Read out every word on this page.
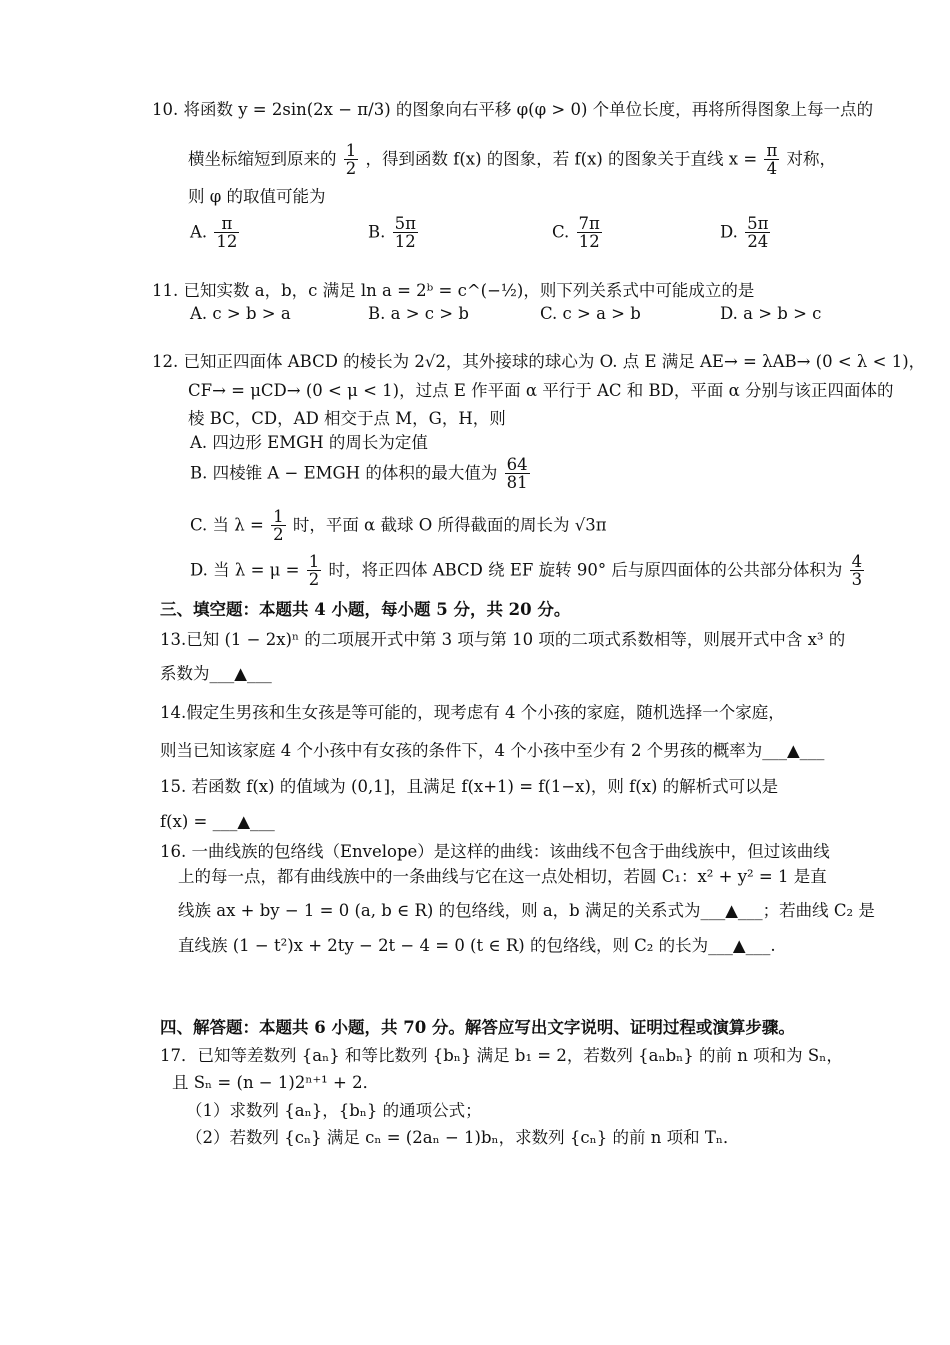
10. 将函数 y = 2sin(2x − π/3) 的图象向右平移 φ(φ > 0) 个单位长度，再将所得图象上每一点的
横坐标缩短到原来的 $\frac{1}{2}$ ，得到函数 f(x) 的图象，若 f(x) 的图象关于直线 $x = \frac{\pi}{4}$ 对称，
则 φ 的取值可能为
A. $\frac{\pi}{12}$	B. $\frac{5\pi}{12}$	C. $\frac{7\pi}{12}$	D. $\frac{5\pi}{24}$
11. 已知实数 a，b，c 满足 ln a = 2ᵇ = c^(−½)，则下列关系式中可能成立的是
A. c > b > a	B. a > c > b	C. c > a > b	D. a > b > c
12. 已知正四面体 ABCD 的棱长为 2√2，其外接球的球心为 O. 点 E 满足 AE→ = λAB→ (0 < λ < 1)，
CF→ = μCD→ (0 < μ < 1)，过点 E 作平面 α 平行于 AC 和 BD，平面 α 分别与该正四面体的
棱 BC，CD，AD 相交于点 M，G，H，则
A. 四边形 EMGH 的周长为定值
B. 四棱锥 A − EMGH 的体积的最大值为 $\frac{64}{81}$
C. 当 $\lambda = \frac{1}{2}$ 时，平面 α 截球 O 所得截面的周长为 √3π
D. 当 $\lambda = \mu = \frac{1}{2}$ 时，将正四体 ABCD 绕 EF 旋转 90° 后与原四面体的公共部分体积为 $\frac{4}{3}$
三、填空题：本题共 4 小题，每小题 5 分，共 20 分。
13.已知 (1 − 2x)ⁿ 的二项展开式中第 3 项与第 10 项的二项式系数相等，则展开式中含 x³ 的
系数为___▲___
14.假定生男孩和生女孩是等可能的，现考虑有 4 个小孩的家庭，随机选择一个家庭，
则当已知该家庭 4 个小孩中有女孩的条件下，4 个小孩中至少有 2 个男孩的概率为___▲___
15. 若函数 f(x) 的值域为 (0,1]，且满足 f(x+1) = f(1−x)，则 f(x) 的解析式可以是
f(x) = ___▲___
16. 一曲线族的包络线（Envelope）是这样的曲线：该曲线不包含于曲线族中，但过该曲线
上的每一点，都有曲线族中的一条曲线与它在这一点处相切，若圆 C₁：x² + y² = 1 是直
线族 ax + by − 1 = 0 (a, b ∈ R) 的包络线，则 a，b 满足的关系式为___▲___；若曲线 C₂ 是
直线族 (1 − t²)x + 2ty − 2t − 4 = 0 (t ∈ R) 的包络线，则 C₂ 的长为___▲___.
四、解答题：本题共 6 小题，共 70 分。解答应写出文字说明、证明过程或演算步骤。
17．已知等差数列 {aₙ} 和等比数列 {bₙ} 满足 b₁ = 2，若数列 {aₙbₙ} 的前 n 项和为 Sₙ，
且 Sₙ = (n − 1)2ⁿ⁺¹ + 2．
（1）求数列 {aₙ}，{bₙ} 的通项公式；
（2）若数列 {cₙ} 满足 cₙ = (2aₙ − 1)bₙ，求数列 {cₙ} 的前 n 项和 Tₙ．
